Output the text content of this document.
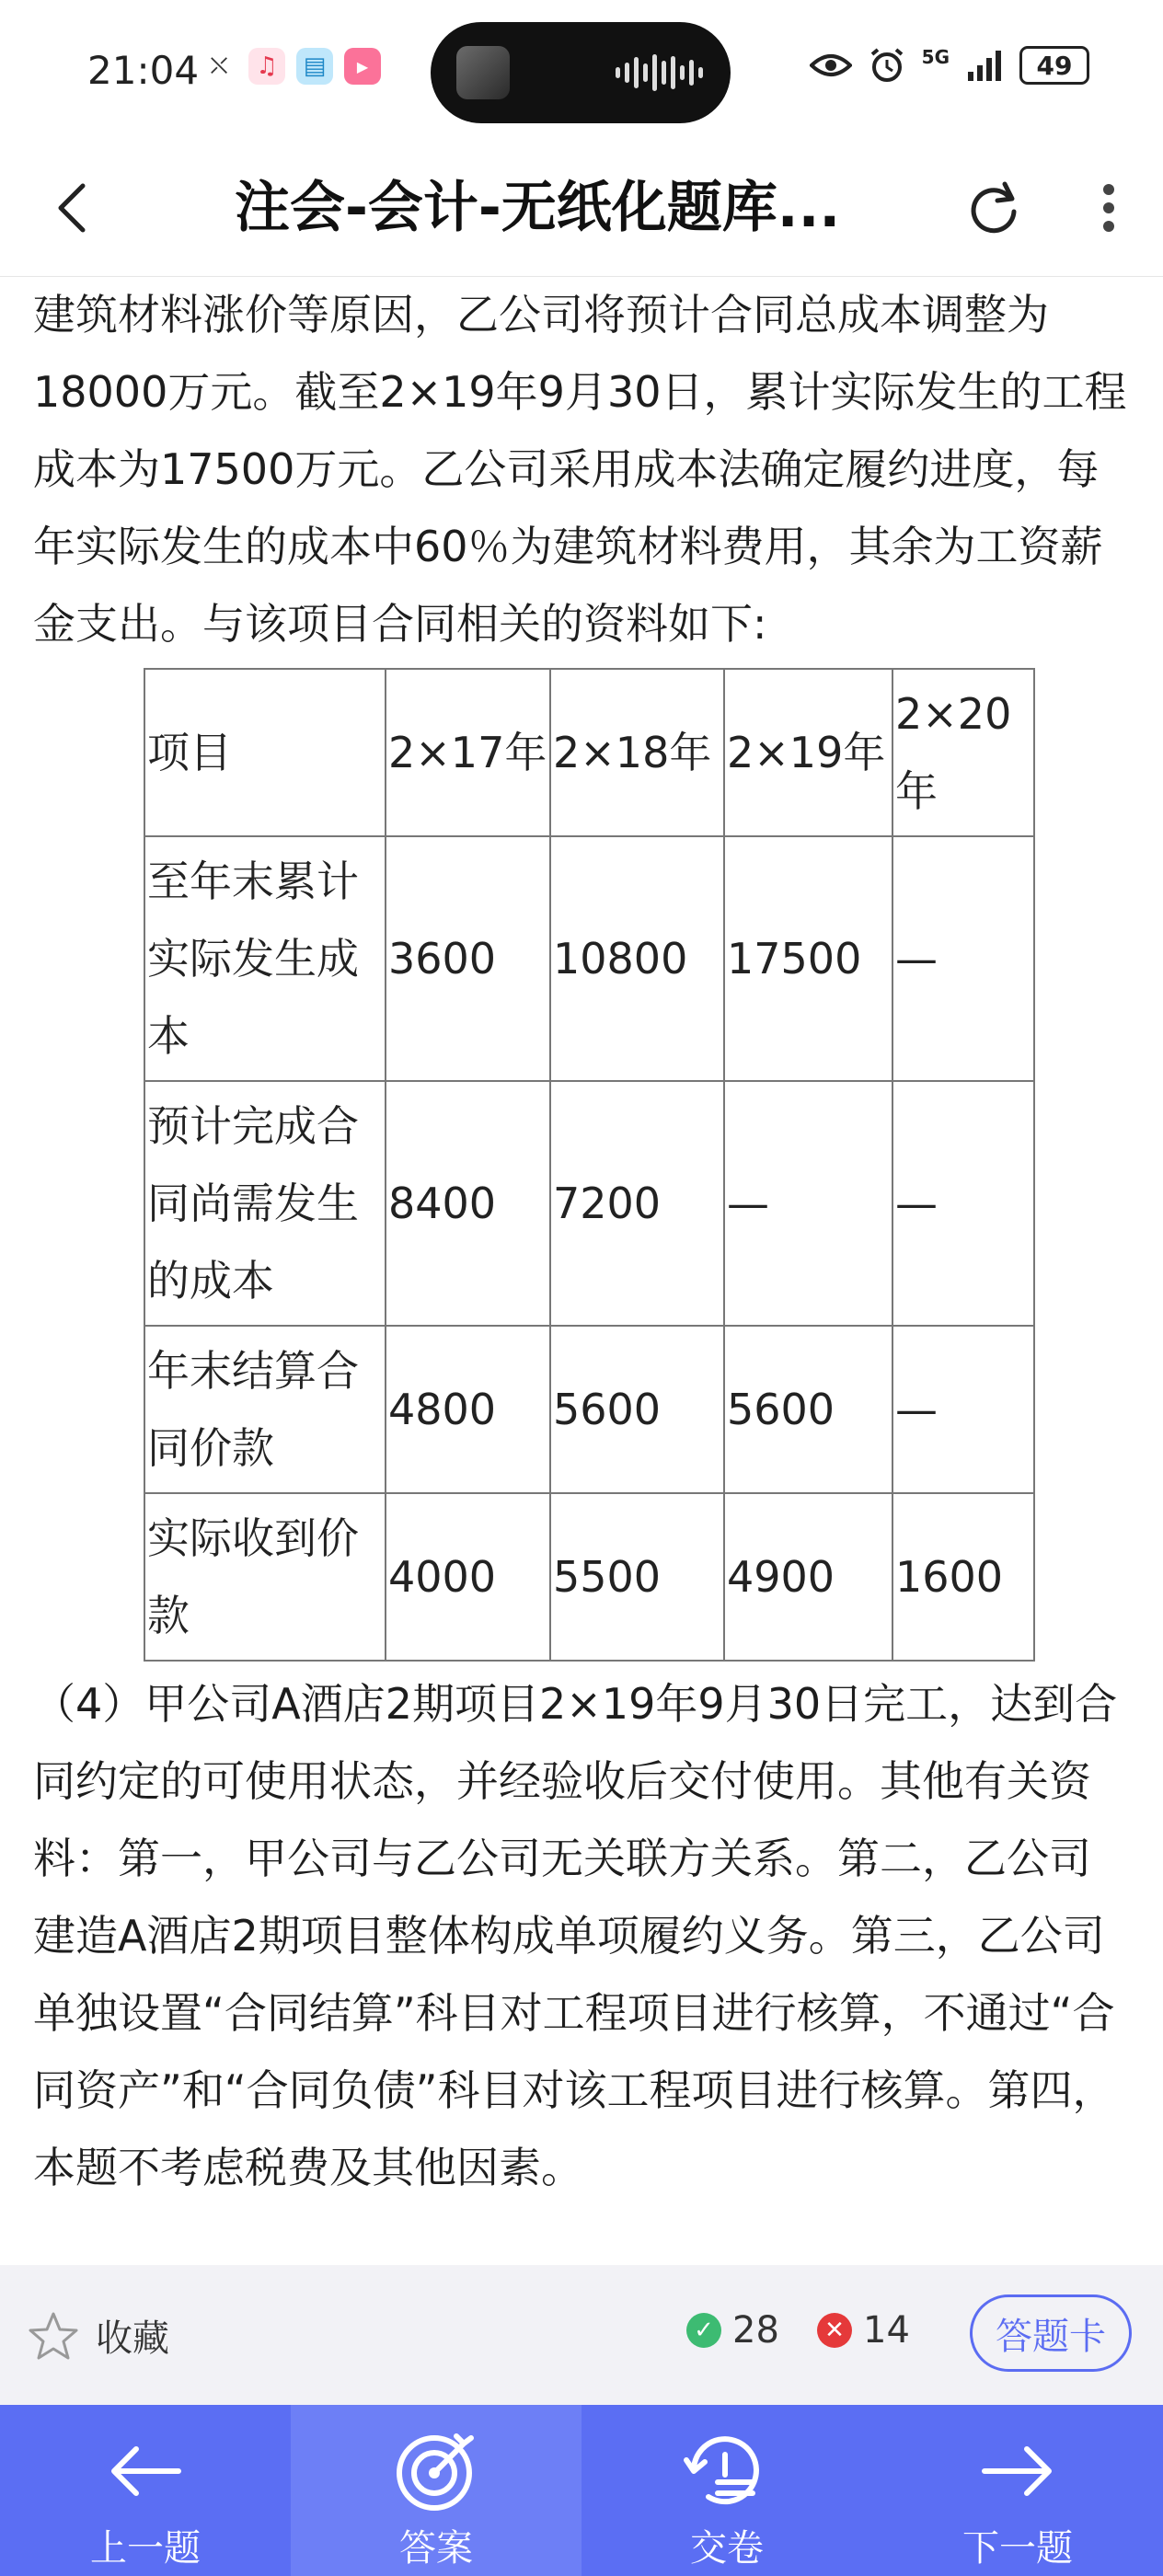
21:04 ⛌	♫	▤	▶	5G	49
注会-会计-无纸化题库...

建筑材料涨价等原因，乙公司将预计合同总成本调整为18000万元。截至2×19年9月30日，累计实际发生的工程成本为17500万元。乙公司采用成本法确定履约进度，每年实际发生的成本中60％为建筑材料费用，其余为工资薪金支出。与该项目合同相关的资料如下:

项目	2×17年	2×18年	2×19年	2×20年
至年末累计实际发生成本	3600	10800	17500	—
预计完成合同尚需发生的成本	8400	7200	—	—
年末结算合同价款	4800	5600	5600	—
实际收到价款	4000	5500	4900	1600

（4）甲公司A酒店2期项目2×19年9月30日完工，达到合同约定的可使用状态，并经验收后交付使用。其他有关资料：第一，甲公司与乙公司无关联方关系。第二，乙公司建造A酒店2期项目整体构成单项履约义务。第三，乙公司单独设置“合同结算”科目对工程项目进行核算，不通过“合同资产”和“合同负债”科目对该工程项目进行核算。第四，本题不考虑税费及其他因素。

收藏	✓ 28	✕ 14	答题卡
上一题	答案	交卷	下一题
